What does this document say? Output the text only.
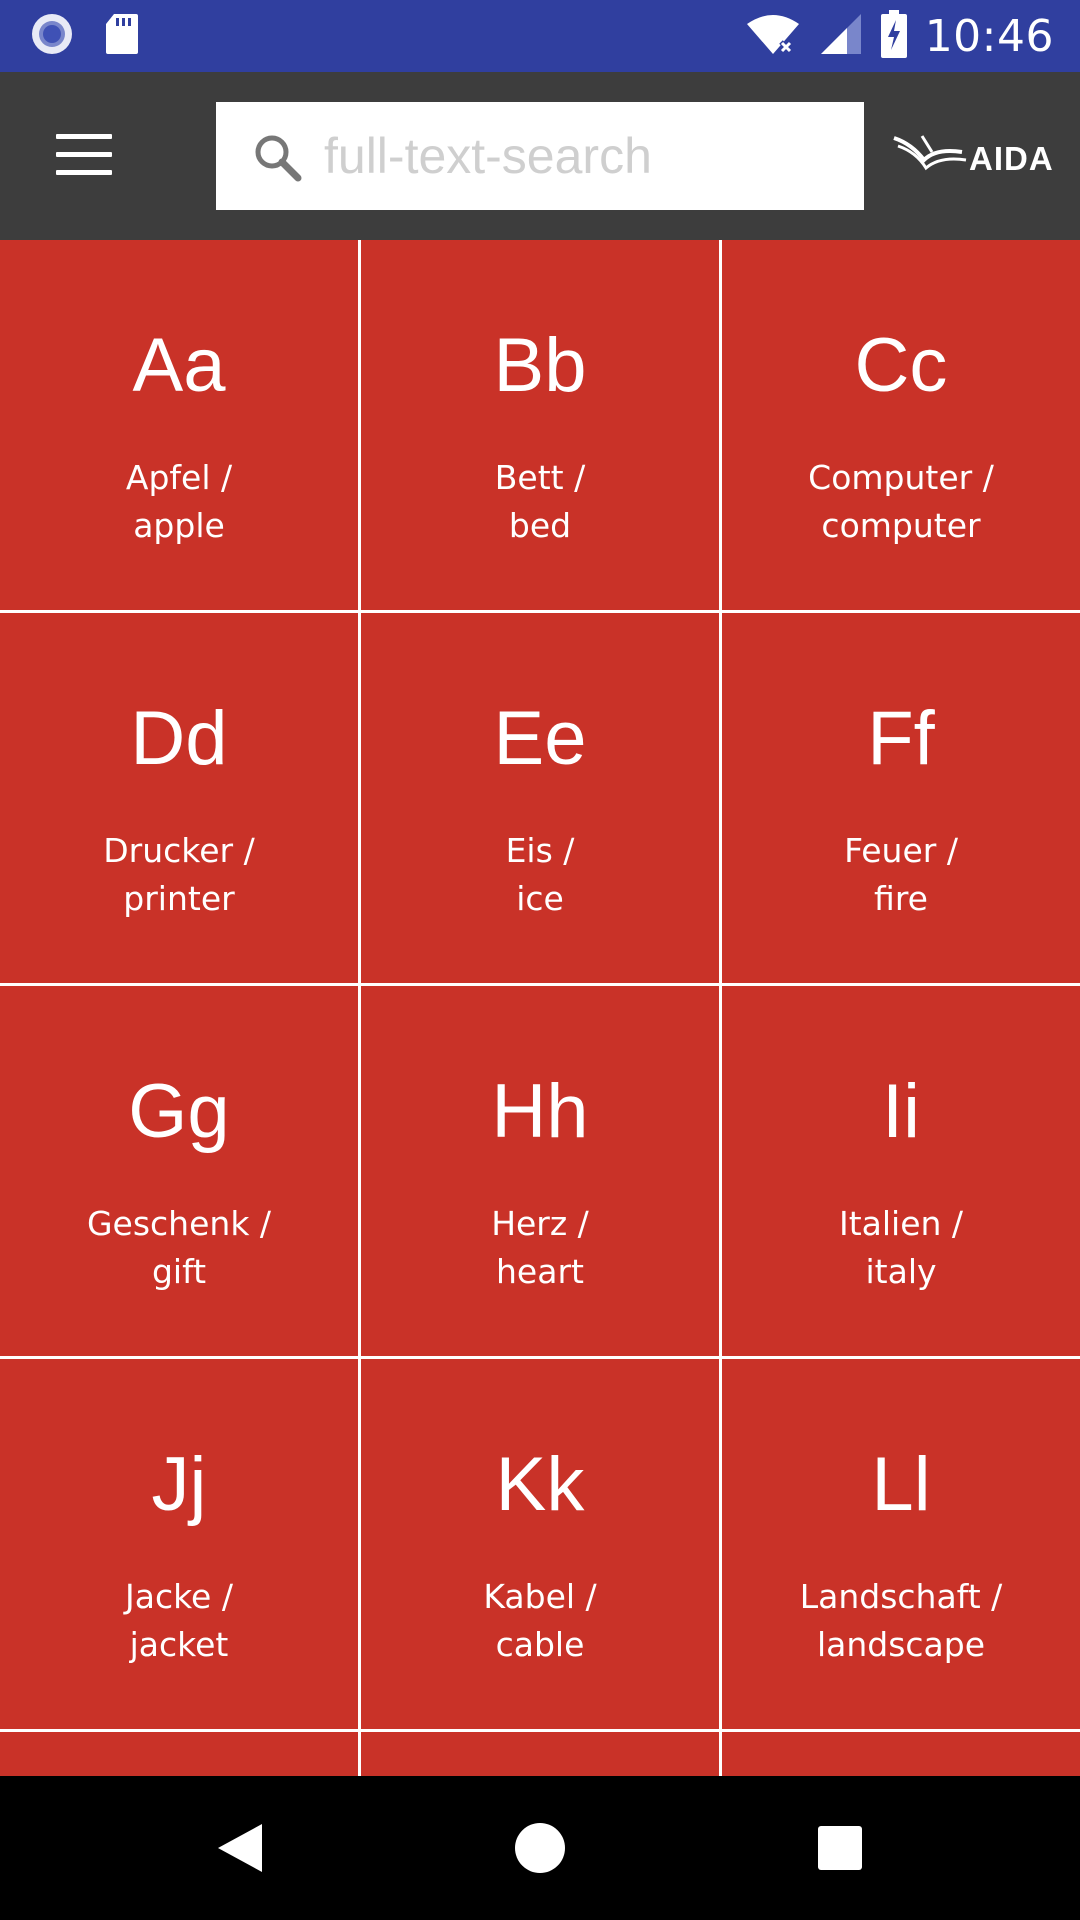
10:46
full-text-search
AIDA
Aa
Apfel /
apple
Bb
Bett /
bed
Cc
Computer /
computer
Dd
Drucker /
printer
Ee
Eis /
ice
Ff
Feuer /
fire
Gg
Geschenk /
gift
Hh
Herz /
heart
Ii
Italien /
italy
Jj
Jacke /
jacket
Kk
Kabel /
cable
Ll
Landschaft /
landscape
